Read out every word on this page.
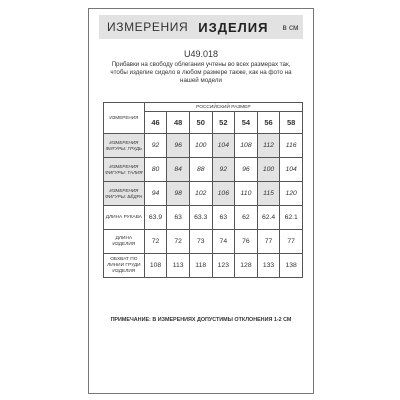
ИЗМЕРЕНИЯ ИЗДЕЛИЯ в см
U49.018
Прибавки на свободу облегания учтены во всех размерах так,
чтобы изделие сидело в любом размере также, как на фото на
нашей модели
ИЗМЕРЕНИЯ	РОССИЙСКИЙ РАЗМЕР						
	46	48	50	52	54	56	58

ИЗМЕРЕНИЯ
ФИГУРЫ: ГРУДЬ	92	96	100	104	108	112	116

ИЗМЕРЕНИЯ
ФИГУРЫ: ТАЛИЯ	80	84	88	92	96	100	104

ИЗМЕРЕНИЯ
ФИГУРЫ: БЁДРА	94	98	102	106	110	115	120

ДЛИНА РУКАВА	63.9	63	63.3	63	62	62.4	62.1

ДЛИНА ИЗДЕЛИЯ	72	72	73	74	76	77	77

ОБХВАТ ПО
ЛИНИИ ГРУДИ
ИЗДЕЛИЯ	108	113	118	123	128	133	138
ПРИМЕЧАНИЕ: В ИЗМЕРЕНИЯХ ДОПУСТИМЫ ОТКЛОНЕНИЯ 1-2 СМ
